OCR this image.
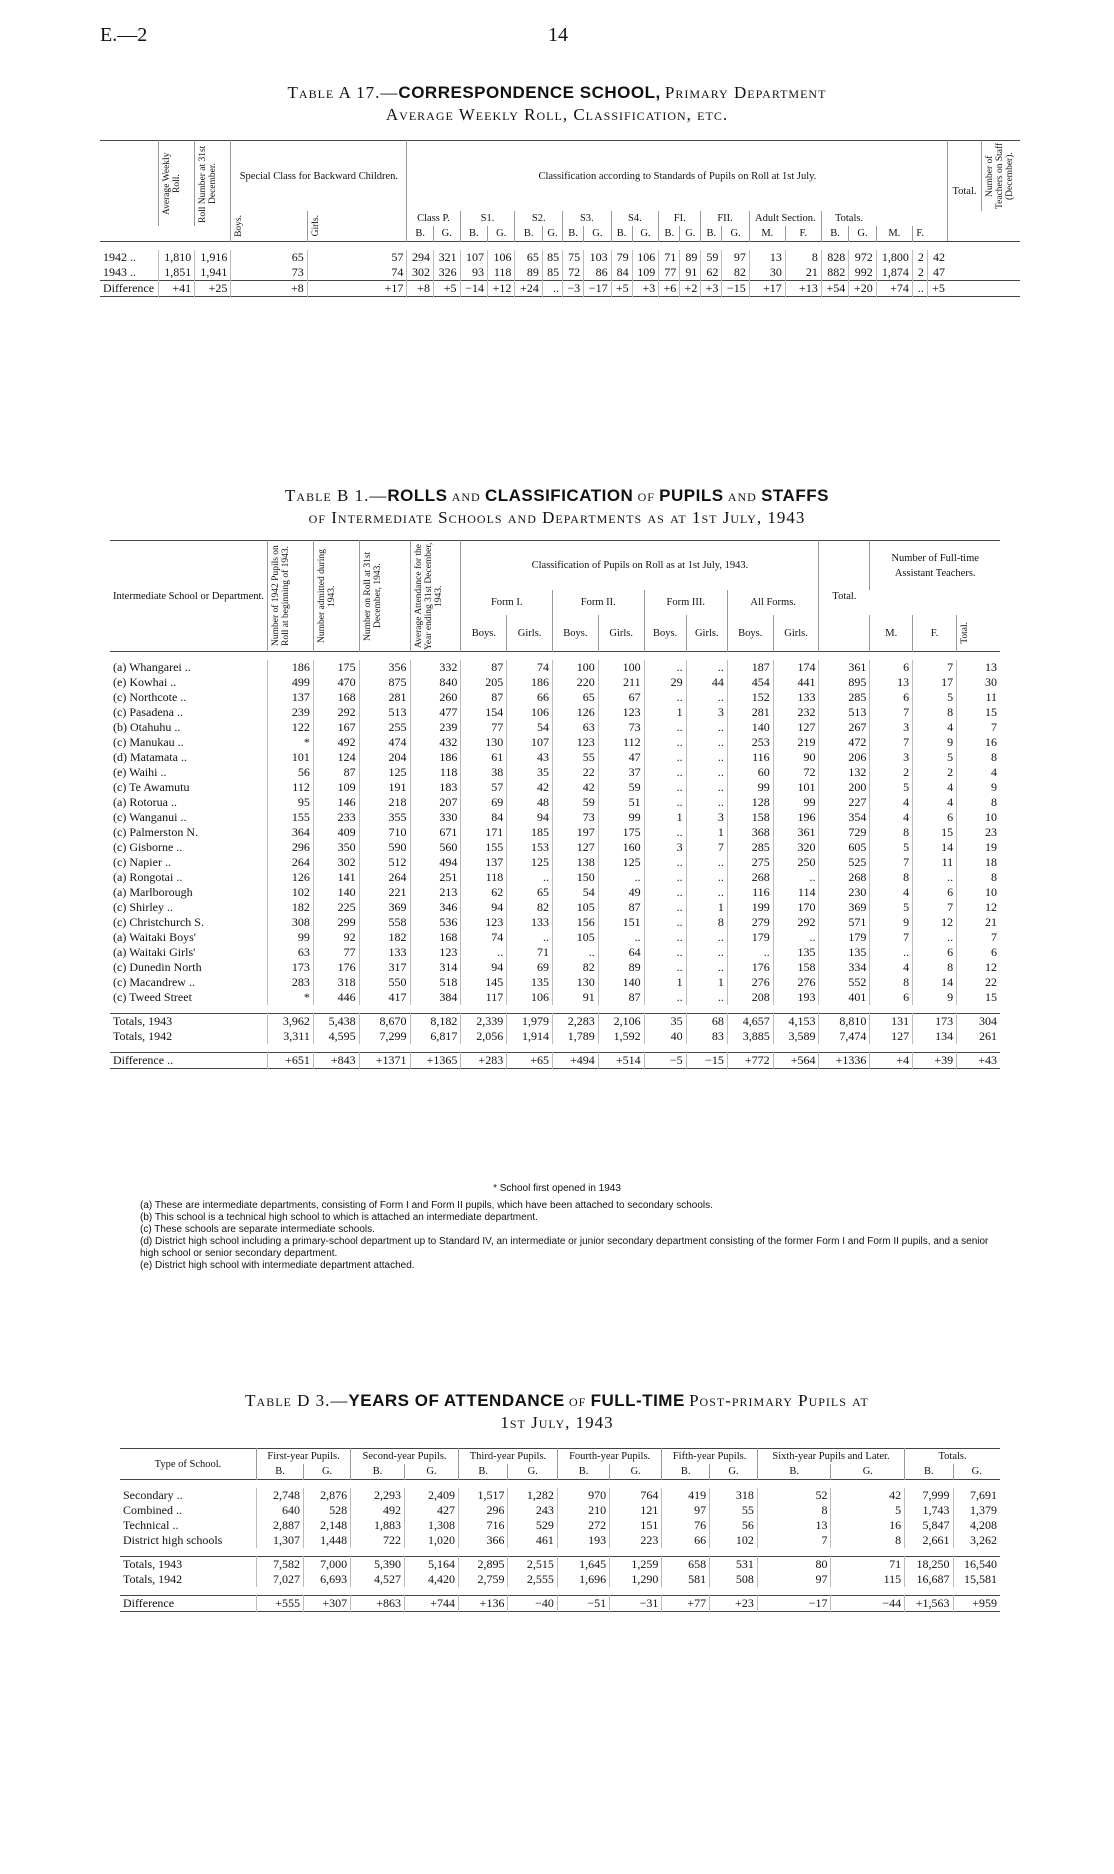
E.—2	14
Table A 17.—CORRESPONDENCE SCHOOL, Primary Department
Average Weekly Roll, Classification, etc.

	Average Weekly Roll.	Roll Number at 31st December.	Special Class for Backward Children.		Classification according to Standards of Pupils on Roll at 1st July.																					Total.	Number of Teachers on Staff (December).

			Boys.	Girls.	Class P.		S1.		S2.		S3.		S4.		FI.		FII.		Adult Section.		Totals.						
					B.	G.	B.	G.	B.	G.	B.	G.	B.	G.	B.	G.	B.	G.	M.	F.	B.	G.	M.	F.			

1942 ..	1,810	1,916	65	57	294	321	107	106	65	85	75	103	79	106	71	89	59	97	13	8	828	972	1,800	2	42		
1943 ..	1,851	1,941	73	74	302	326	93	118	89	85	72	86	84	109	77	91	62	82	30	21	882	992	1,874	2	47		
Difference	+41	+25	+8	+17	+8	+5	−14	+12	+24	..	−3	−17	+5	+3	+6	+2	+3	−15	+17	+13	+54	+20	+74	..	+5		
Table B 1.—ROLLS and CLASSIFICATION of PUPILS and STAFFS
of Intermediate Schools and Departments as at 1st July, 1943
Intermediate School or Department.	Number of 1942 Pupils on Roll at beginning of 1943.	Number admitted during 1943.	Number on Roll at 31st December, 1943.	Average Attendance for the Year ending 31st December, 1943.	Classification of Pupils on Roll as at 1st July, 1943.								Total.	Number of Full-time Assistant Teachers.		
					Form I.		Form II.		Form III.		All Forms.					
					Boys.	Girls.	Boys.	Girls.	Boys.	Girls.	Boys.	Girls.		M.	F.	Total.

(a) Whangarei ..	186	175	356	332	87	74	100	100	..	..	187	174	361	6	7	13
(e) Kowhai ..	499	470	875	840	205	186	220	211	29	44	454	441	895	13	17	30
(c) Northcote ..	137	168	281	260	87	66	65	67	..	..	152	133	285	6	5	11
(c) Pasadena ..	239	292	513	477	154	106	126	123	1	3	281	232	513	7	8	15
(b) Otahuhu ..	122	167	255	239	77	54	63	73	..	..	140	127	267	3	4	7
(c) Manukau ..	*	492	474	432	130	107	123	112	..	..	253	219	472	7	9	16
(d) Matamata ..	101	124	204	186	61	43	55	47	..	..	116	90	206	3	5	8
(e) Waihi ..	56	87	125	118	38	35	22	37	..	..	60	72	132	2	2	4
(c) Te Awamutu	112	109	191	183	57	42	42	59	..	..	99	101	200	5	4	9
(a) Rotorua ..	95	146	218	207	69	48	59	51	..	..	128	99	227	4	4	8
(c) Wanganui ..	155	233	355	330	84	94	73	99	1	3	158	196	354	4	6	10
(c) Palmerston N.	364	409	710	671	171	185	197	175	..	1	368	361	729	8	15	23
(c) Gisborne ..	296	350	590	560	155	153	127	160	3	7	285	320	605	5	14	19
(c) Napier ..	264	302	512	494	137	125	138	125	..	..	275	250	525	7	11	18
(a) Rongotai ..	126	141	264	251	118	..	150	..	..	..	268	..	268	8	..	8
(a) Marlborough	102	140	221	213	62	65	54	49	..	..	116	114	230	4	6	10
(c) Shirley ..	182	225	369	346	94	82	105	87	..	1	199	170	369	5	7	12
(c) Christchurch S.	308	299	558	536	123	133	156	151	..	8	279	292	571	9	12	21
(a) Waitaki Boys'	99	92	182	168	74	..	105	..	..	..	179	..	179	7	..	7
(a) Waitaki Girls'	63	77	133	123	..	71	..	64	..	..	..	135	135	..	6	6
(c) Dunedin North	173	176	317	314	94	69	82	89	..	..	176	158	334	4	8	12
(c) Macandrew ..	283	318	550	518	145	135	130	140	1	1	276	276	552	8	14	22
(c) Tweed Street	*	446	417	384	117	106	91	87	..	..	208	193	401	6	9	15

Totals, 1943	3,962	5,438	8,670	8,182	2,339	1,979	2,283	2,106	35	68	4,657	4,153	8,810	131	173	304
Totals, 1942	3,311	4,595	7,299	6,817	2,056	1,914	1,789	1,592	40	83	3,885	3,589	7,474	127	134	261

Difference ..	+651	+843	+1371	+1365	+283	+65	+494	+514	−5	−15	+772	+564	+1336	+4	+39	+43
* School first opened in 1943
(a) These are intermediate departments, consisting of Form I and Form II pupils, which have been attached to secondary schools.
(b) This school is a technical high school to which is attached an intermediate department.
(c) These schools are separate intermediate schools.
(d) District high school including a primary-school department up to Standard IV, an intermediate or junior secondary department consisting of the former Form I and Form II pupils, and a senior high school or senior secondary department.
(e) District high school with intermediate department attached.
Table D 3.—YEARS OF ATTENDANCE of FULL-TIME Post-primary Pupils at
1st July, 1943
Type of School.	First-year Pupils.		Second-year Pupils.		Third-year Pupils.		Fourth-year Pupils.		Fifth-year Pupils.		Sixth-year Pupils and Later.		Totals.	
	B.	G.	B.	G.	B.	G.	B.	G.	B.	G.	B.	G.	B.	G.

Secondary ..	2,748	2,876	2,293	2,409	1,517	1,282	970	764	419	318	52	42	7,999	7,691
Combined ..	640	528	492	427	296	243	210	121	97	55	8	5	1,743	1,379
Technical ..	2,887	2,148	1,883	1,308	716	529	272	151	76	56	13	16	5,847	4,208
District high schools	1,307	1,448	722	1,020	366	461	193	223	66	102	7	8	2,661	3,262

Totals, 1943	7,582	7,000	5,390	5,164	2,895	2,515	1,645	1,259	658	531	80	71	18,250	16,540
Totals, 1942	7,027	6,693	4,527	4,420	2,759	2,555	1,696	1,290	581	508	97	115	16,687	15,581

Difference	+555	+307	+863	+744	+136	−40	−51	−31	+77	+23	−17	−44	+1,563	+959
